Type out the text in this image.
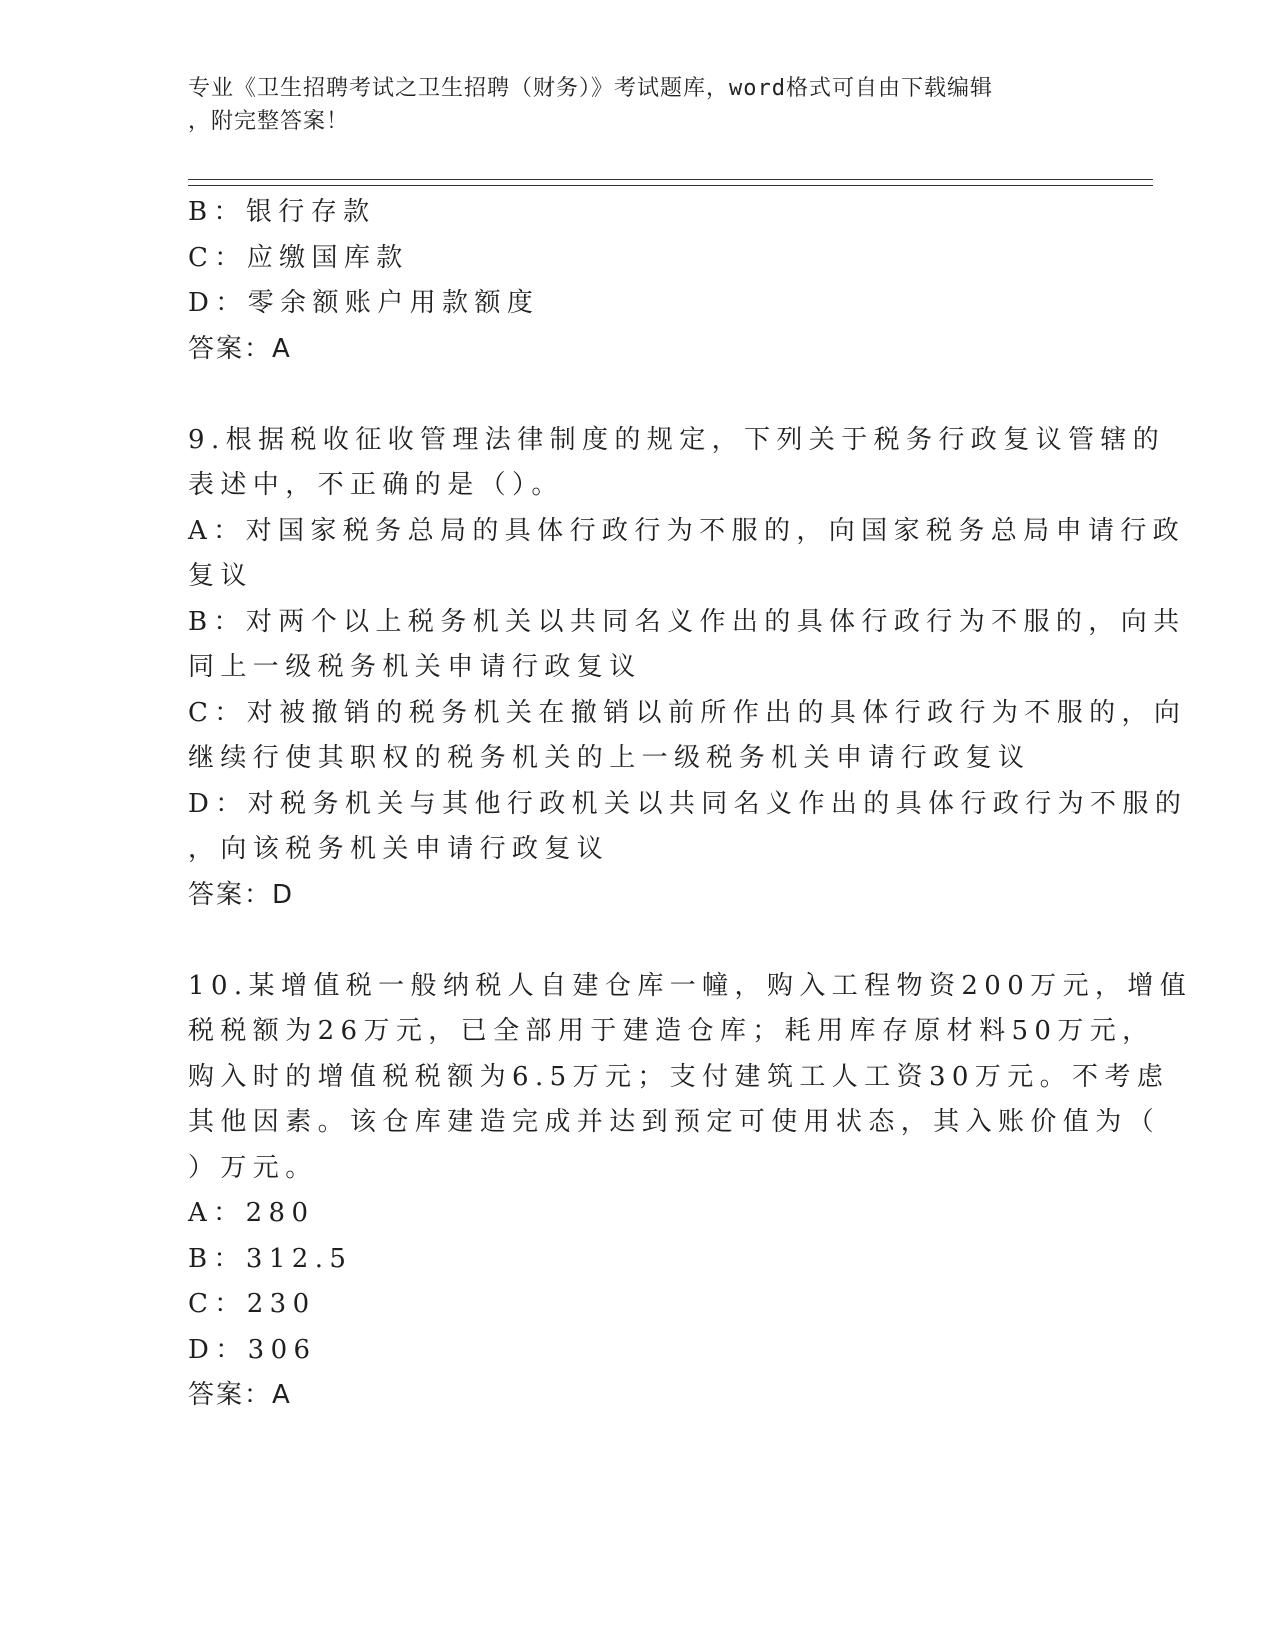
专业《卫生招聘考试之卫生招聘（财务）》考试题库，word格式可自由下载编辑
，附完整答案！
B：银行存款
C：应缴国库款
D：零余额账户用款额度
答案：A
9.根据税收征收管理法律制度的规定，下列关于税务行政复议管辖的
表述中，不正确的是（）。
A：对国家税务总局的具体行政行为不服的，向国家税务总局申请行政
复议
B：对两个以上税务机关以共同名义作出的具体行政行为不服的，向共
同上一级税务机关申请行政复议
C：对被撤销的税务机关在撤销以前所作出的具体行政行为不服的，向
继续行使其职权的税务机关的上一级税务机关申请行政复议
D：对税务机关与其他行政机关以共同名义作出的具体行政行为不服的
，向该税务机关申请行政复议
答案：D
10.某增值税一般纳税人自建仓库一幢，购入工程物资200万元，增值
税税额为26万元，已全部用于建造仓库；耗用库存原材料50万元，
购入时的增值税税额为6.5万元；支付建筑工人工资30万元。不考虑
其他因素。该仓库建造完成并达到预定可使用状态，其入账价值为（
）万元。
A：280
B：312.5
C：230
D：306
答案：A
